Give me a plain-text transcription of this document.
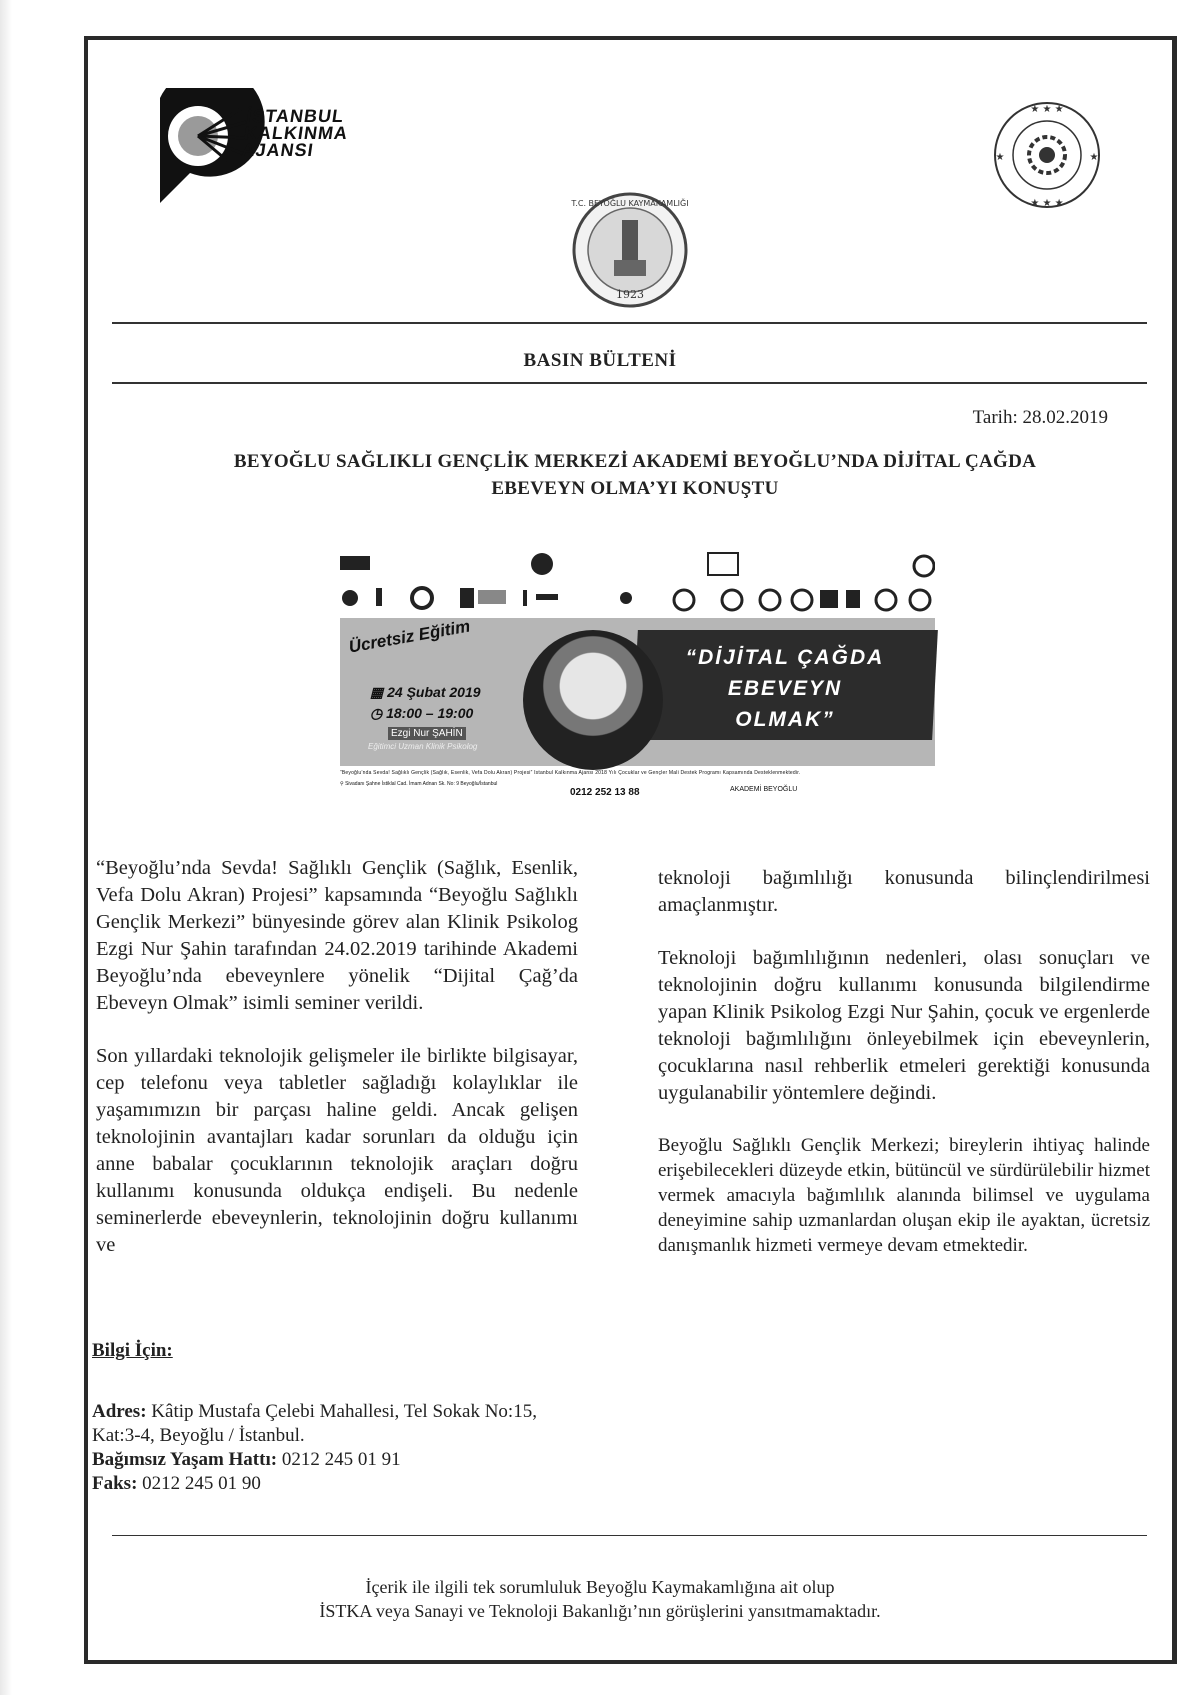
İSTANBUL
KALKINMA
AJANSI
★ ★ ★
★ ★ ★
★	★
T.C. BEYOĞLU KAYMAKAMLIĞI
1923
BASIN BÜLTENİ
Tarih: 28.02.2019
BEYOĞLU SAĞLIKLI GENÇLİK MERKEZİ AKADEMİ BEYOĞLU’NDA DİJİTAL ÇAĞDA
EBEVEYN OLMA’YI KONUŞTU
“DİJİTAL ÇAĞDA
EBEVEYN
OLMAK”
Ücretsiz Eğitim
▦ 24 Şubat 2019
◷ 18:00 – 19:00
Ezgi Nur ŞAHİN
Eğitimci Uzman Klinik Psikolog
“Beyoğlu’nda Sevda! Sağlıklı Gençlik (Sağlık, Esenlik, Vefa Dolu Akran) Projesi” İstanbul Kalkınma Ajansı 2018 Yılı Çocuklar ve Gençler Mali Destek Programı Kapsamında Desteklenmektedir.
⚲ Sivadanı Şahne İstiklal Cad. İmam Adnan Sk. No: 9 Beyoğlu/İstanbul
0212 252 13 88	AKADEMİ BEYOĞLU

“Beyoğlu’nda Sevda! Sağlıklı Gençlik (Sağlık, Esenlik, Vefa Dolu Akran) Projesi” kapsamında “Beyoğlu Sağlıklı Gençlik Merkezi” bünyesinde görev alan Klinik Psikolog Ezgi Nur Şahin tarafından 24.02.2019 tarihinde Akademi Beyoğlu’nda ebeveynlere yönelik “Dijital Çağ’da Ebeveyn Olmak” isimli seminer verildi.

Son yıllardaki teknolojik gelişmeler ile birlikte bilgisayar, cep telefonu veya tabletler sağladığı kolaylıklar ile yaşamımızın bir parçası haline geldi. Ancak gelişen teknolojinin avantajları kadar sorunları da olduğu için anne babalar çocuklarının teknolojik araçları doğru kullanımı konusunda oldukça endişeli. Bu nedenle seminerlerde ebeveynlerin, teknolojinin doğru kullanımı ve

teknoloji bağımlılığı konusunda bilinçlendirilmesi amaçlanmıştır.

Teknoloji bağımlılığının nedenleri, olası sonuçları ve teknolojinin doğru kullanımı konusunda bilgilendirme yapan Klinik Psikolog Ezgi Nur Şahin, çocuk ve ergenlerde teknoloji bağımlılığını önleyebilmek için ebeveynlerin, çocuklarına nasıl rehberlik etmeleri gerektiği konusunda uygulanabilir yöntemlere değindi.

Beyoğlu Sağlıklı Gençlik Merkezi; bireylerin ihtiyaç halinde erişebilecekleri düzeyde etkin, bütüncül ve sürdürülebilir hizmet vermek amacıyla bağımlılık alanında bilimsel ve uygulama deneyimine sahip uzmanlardan oluşan ekip ile ayaktan, ücretsiz danışmanlık hizmeti vermeye devam etmektedir.

Bilgi İçin:
Adres: Kâtip Mustafa Çelebi Mahallesi, Tel Sokak No:15, Kat:3-4, Beyoğlu / İstanbul.
Bağımsız Yaşam Hattı: 0212 245 01 91
Faks: 0212 245 01 90
İçerik ile ilgili tek sorumluluk Beyoğlu Kaymakamlığına ait olup
İSTKA veya Sanayi ve Teknoloji Bakanlığı’nın görüşlerini yansıtmamaktadır.
